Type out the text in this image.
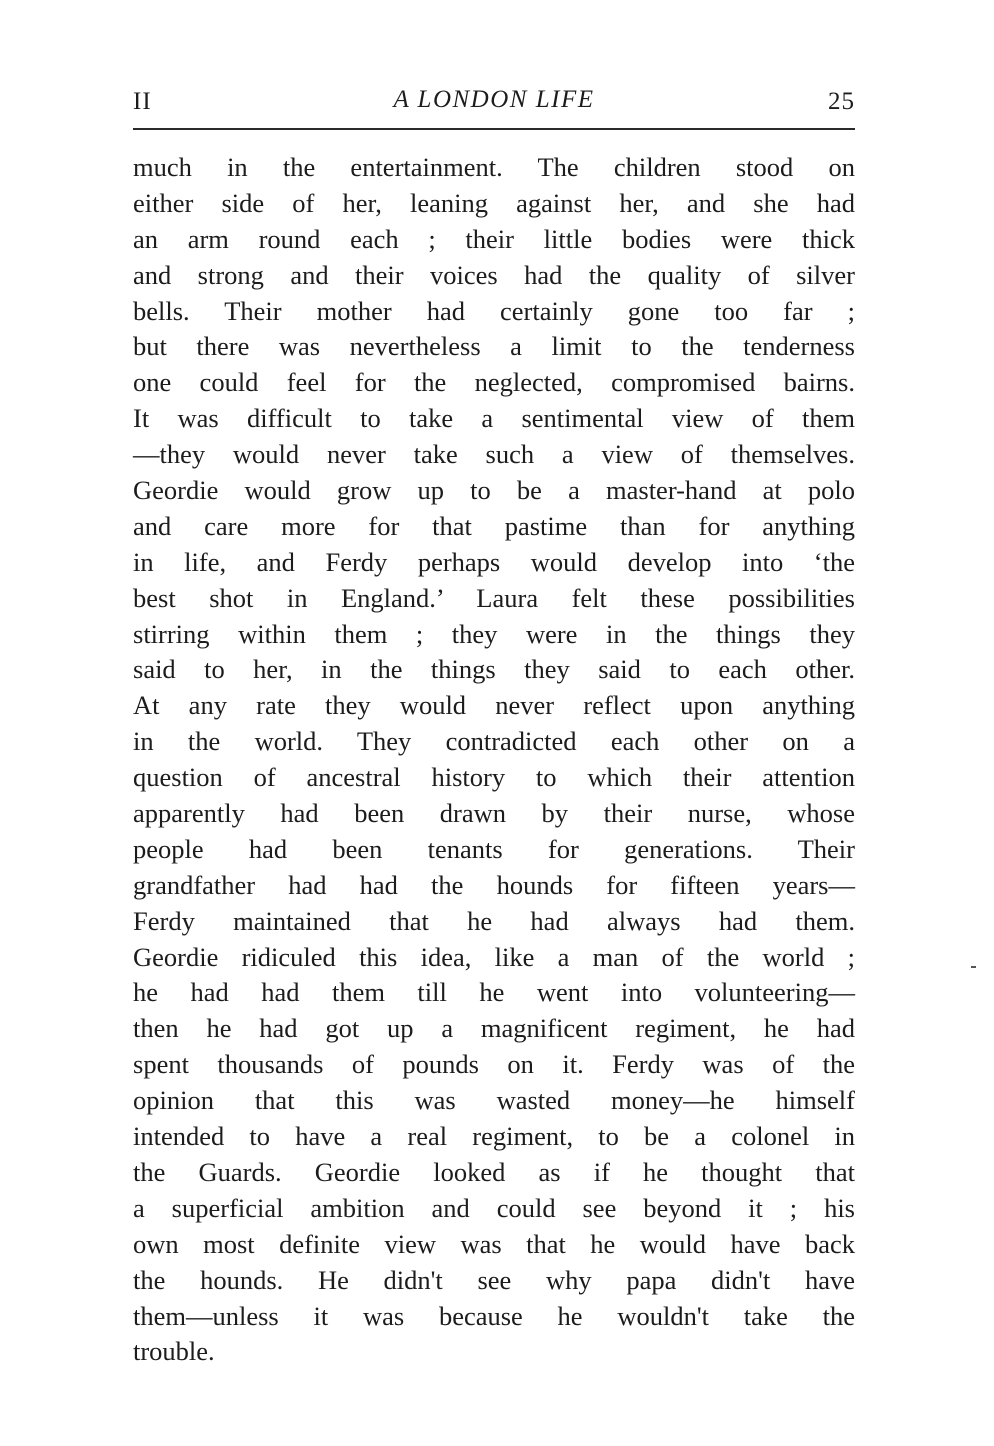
II	A LONDON LIFE	25
much in the entertainment. The children stood on
either side of her, leaning against her, and she had
an arm round each ; their little bodies were thick
and strong and their voices had the quality of silver
bells. Their mother had certainly gone too far ;
but there was nevertheless a limit to the tenderness
one could feel for the neglected, compromised bairns.
It was difficult to take a sentimental view of them
—they would never take such a view of themselves.
Geordie would grow up to be a master-hand at polo
and care more for that pastime than for anything
in life, and Ferdy perhaps would develop into ‘the
best shot in England.’ Laura felt these possibilities
stirring within them ; they were in the things they
said to her, in the things they said to each other.
At any rate they would never reflect upon anything
in the world. They contradicted each other on a
question of ancestral history to which their attention
apparently had been drawn by their nurse, whose
people had been tenants for generations. Their
grandfather had had the hounds for fifteen years—
Ferdy maintained that he had always had them.
Geordie ridiculed this idea, like a man of the world ;
he had had them till he went into volunteering—
then he had got up a magnificent regiment, he had
spent thousands of pounds on it. Ferdy was of the
opinion that this was wasted money—he himself
intended to have a real regiment, to be a colonel in
the Guards. Geordie looked as if he thought that
a superficial ambition and could see beyond it ; his
own most definite view was that he would have back
the hounds. He didn't see why papa didn't have
them—unless it was because he wouldn't take the
trouble.
